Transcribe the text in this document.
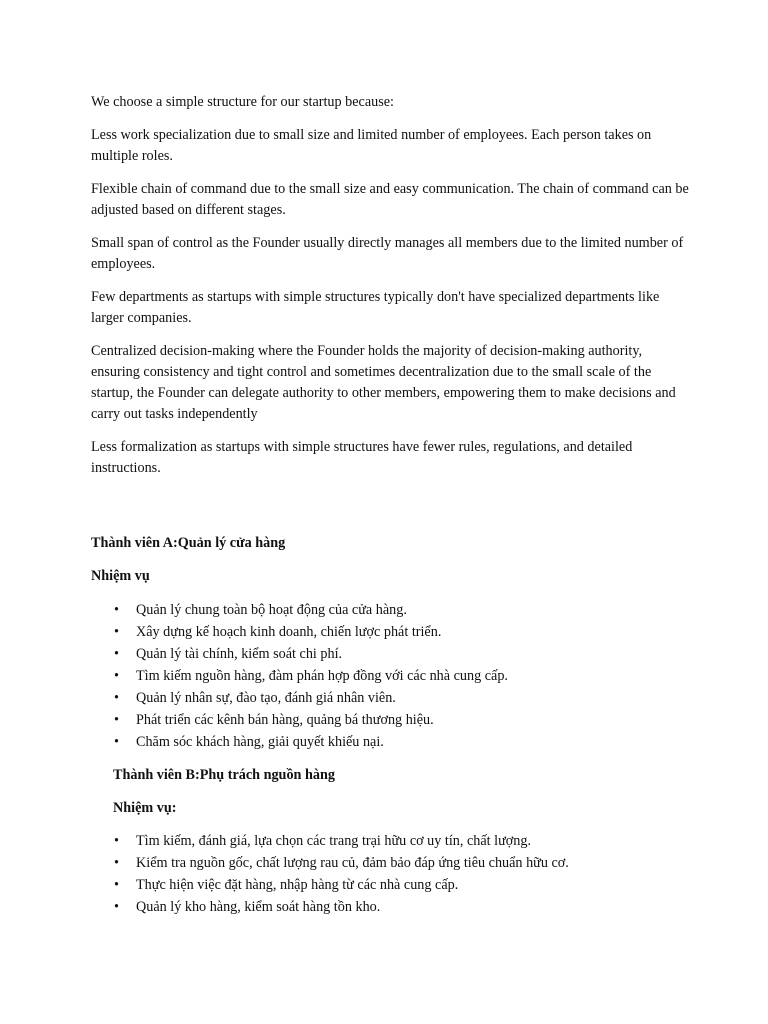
We choose a simple structure for our startup because:

Less work specialization due to small size and limited number of employees. Each person takes on multiple roles.

Flexible chain of command due to the small size and easy communication. The chain of command can be adjusted based on different stages.

Small span of control as the Founder usually directly manages all members due to the limited number of employees.

Few departments as startups with simple structures typically don't have specialized departments like larger companies.

Centralized decision-making where the Founder holds the majority of decision-making authority, ensuring consistency and tight control and sometimes decentralization due to the small scale of the startup, the Founder can delegate authority to other members, empowering them to make decisions and carry out tasks independently

Less formalization as startups with simple structures have fewer rules, regulations, and detailed instructions.

Thành viên A:Quản lý cửa hàng

Nhiệm vụ

• Quản lý chung toàn bộ hoạt động của cửa hàng.
• Xây dựng kế hoạch kinh doanh, chiến lược phát triển.
• Quản lý tài chính, kiểm soát chi phí.
• Tìm kiếm nguồn hàng, đàm phán hợp đồng với các nhà cung cấp.
• Quản lý nhân sự, đào tạo, đánh giá nhân viên.
• Phát triển các kênh bán hàng, quảng bá thương hiệu.
• Chăm sóc khách hàng, giải quyết khiếu nại.

Thành viên B:Phụ trách nguồn hàng

Nhiệm vụ:

• Tìm kiếm, đánh giá, lựa chọn các trang trại hữu cơ uy tín, chất lượng.
• Kiểm tra nguồn gốc, chất lượng rau củ, đảm bảo đáp ứng tiêu chuẩn hữu cơ.
• Thực hiện việc đặt hàng, nhập hàng từ các nhà cung cấp.
• Quản lý kho hàng, kiểm soát hàng tồn kho.
